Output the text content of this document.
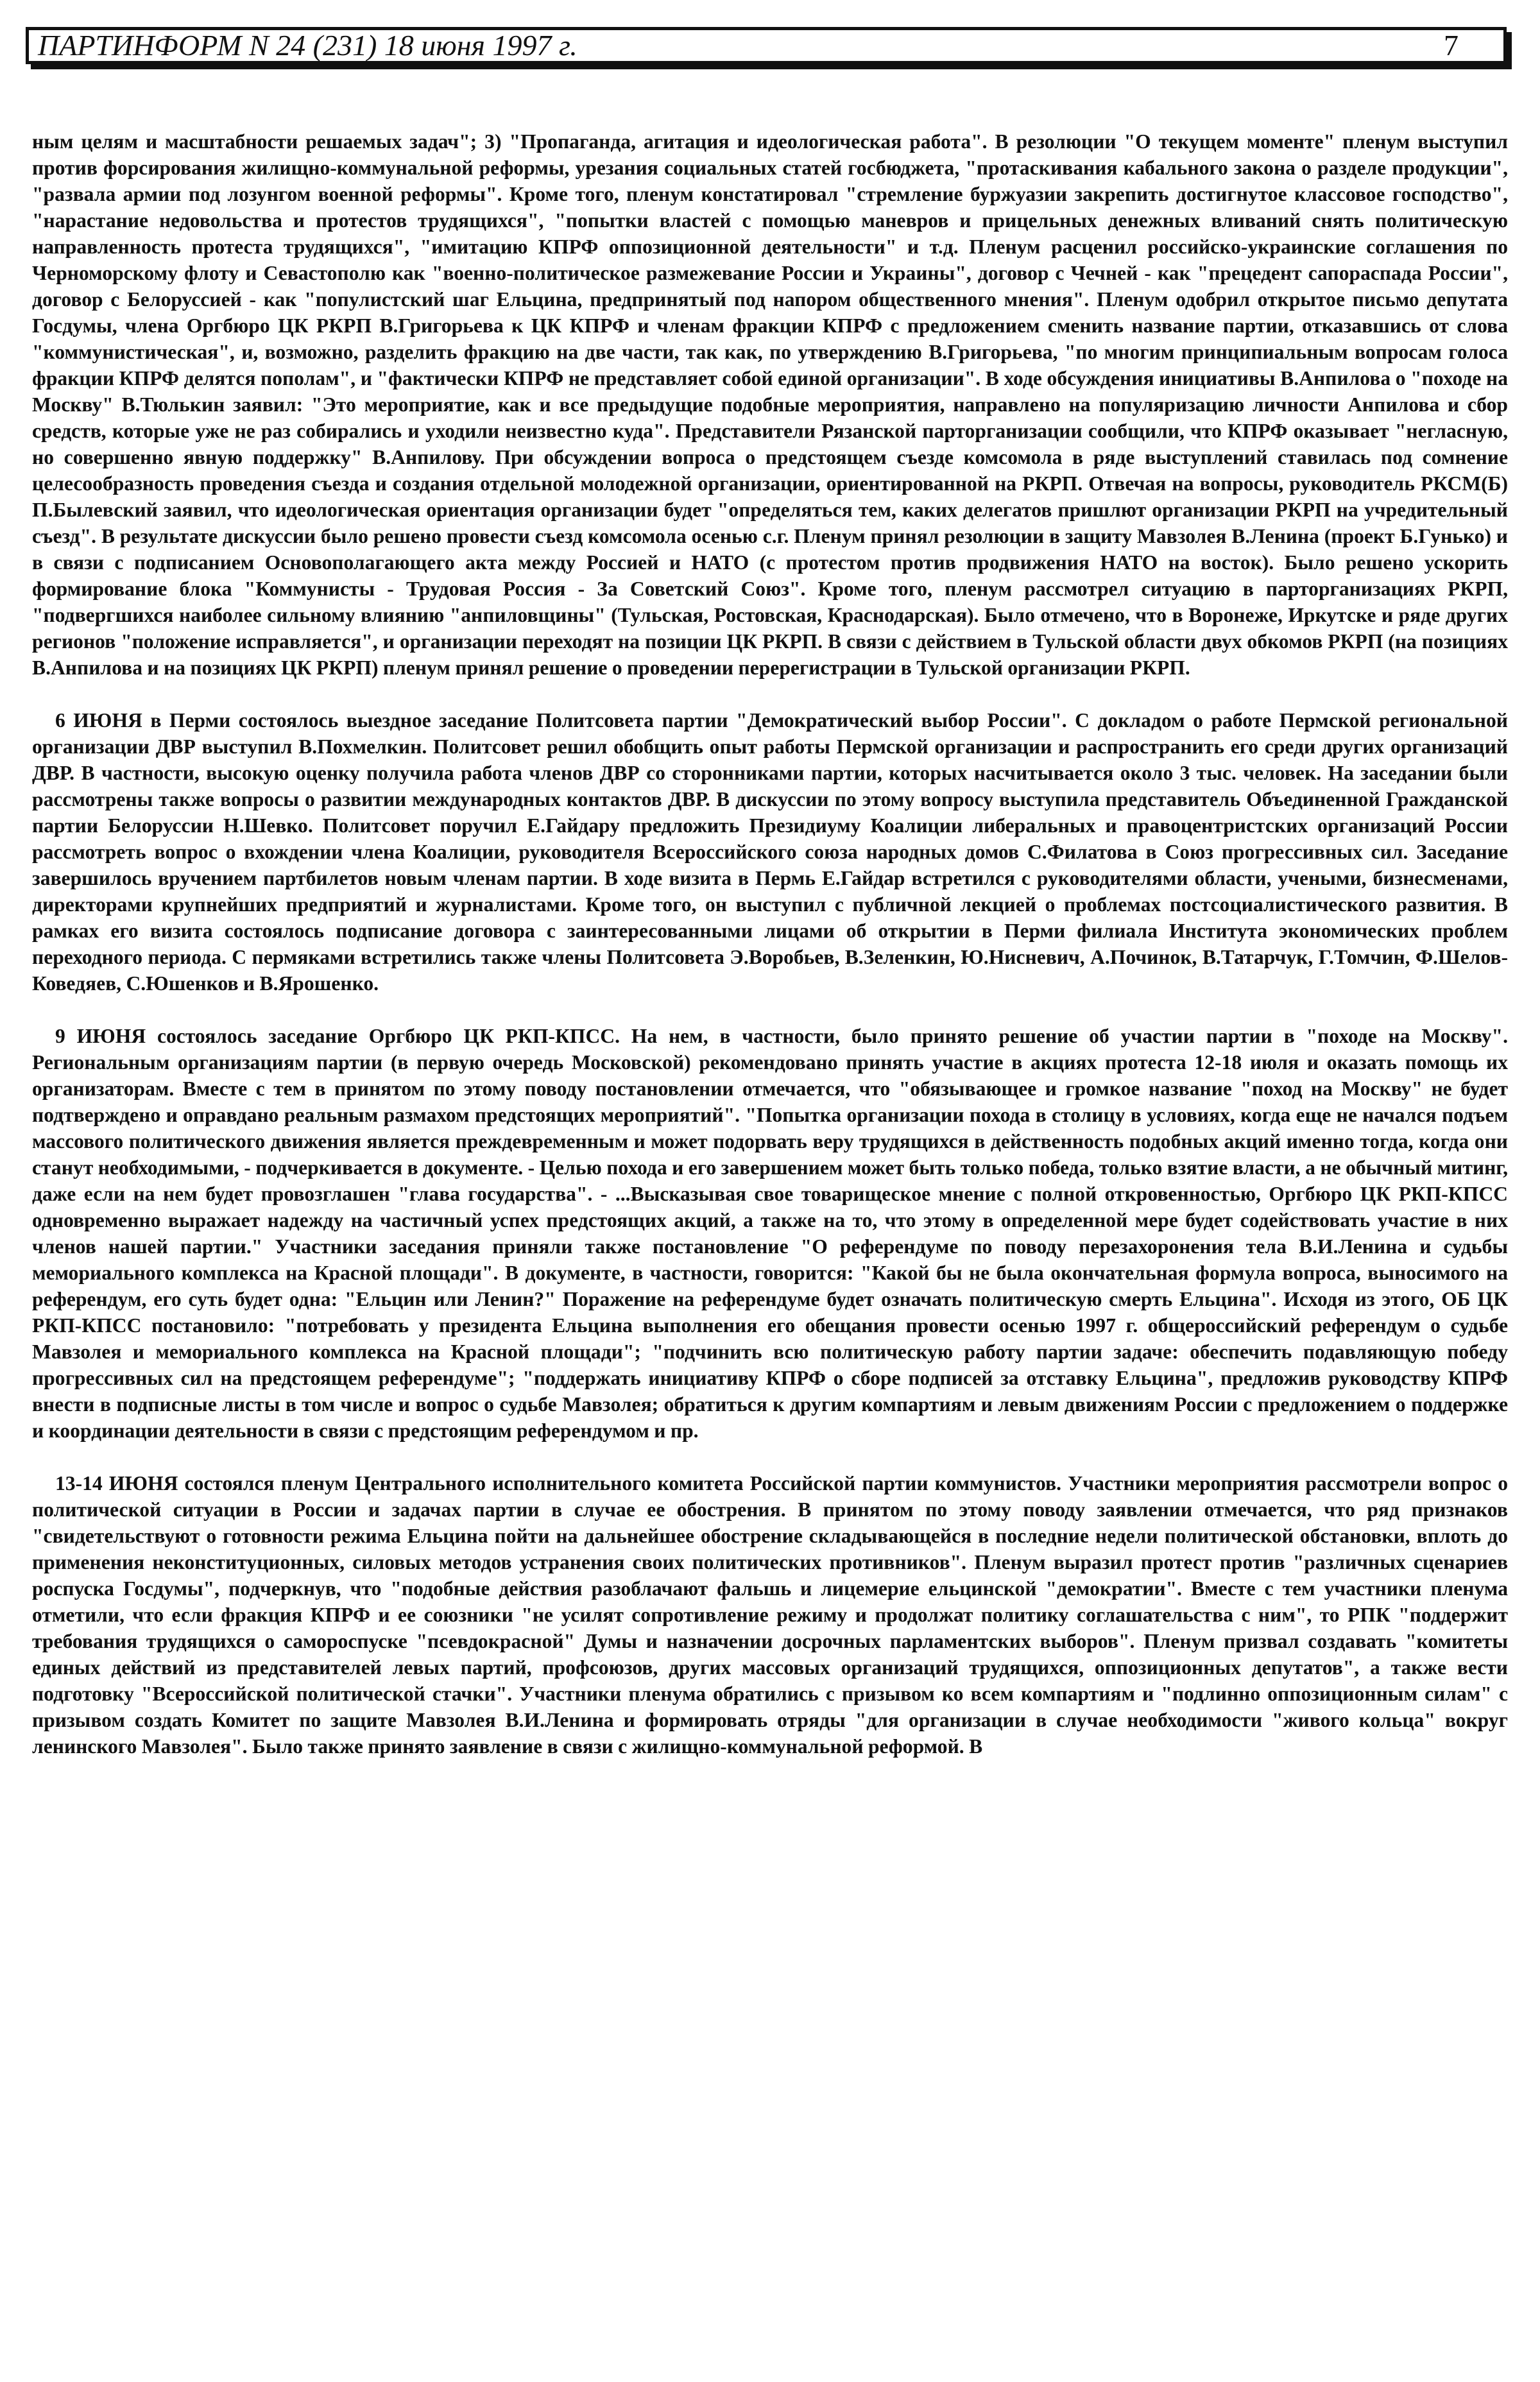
ПАРТИНФОРМ N 24 (231) 18 июня 1997 г.	7

ным целям и масштабности решаемых задач"; 3) "Пропаганда, агитация и идеологическая работа". В резолюции "О текущем моменте" пленум выступил против форсирования жилищно-коммунальной реформы, урезания социальных статей госбюджета, "протаскивания кабального закона о разделе продукции", "развала армии под лозунгом военной реформы". Кроме того, пленум констатировал "стремление буржуазии закрепить достигнутое классовое господство", "нарастание недовольства и протестов трудящихся", "попытки властей с помощью маневров и прицельных денежных вливаний снять политическую направленность протеста трудящихся", "имитацию КПРФ оппозиционной деятельности" и т.д. Пленум расценил российско-украинские соглашения по Черноморскому флоту и Севастополю как "военно-политическое размежевание России и Украины", договор с Чечней - как "прецедент сапораспада России", договор с Белоруссией - как "популистский шаг Ельцина, предпринятый под напором общественного мнения". Пленум одобрил открытое письмо депутата Госдумы, члена Оргбюро ЦК РКРП В.Григорьева к ЦК КПРФ и членам фракции КПРФ с предложением сменить название партии, отказавшись от слова "коммунистическая", и, возможно, разделить фракцию на две части, так как, по утверждению В.Григорьева, "по многим принципиальным вопросам голоса фракции КПРФ делятся пополам", и "фактически КПРФ не представляет собой единой организации". В ходе обсуждения инициативы В.Анпилова о "походе на Москву" В.Тюлькин заявил: "Это мероприятие, как и все предыдущие подобные мероприятия, направлено на популяризацию личности Анпилова и сбор средств, которые уже не раз собирались и уходили неизвестно куда". Представители Рязанской парторганизации сообщили, что КПРФ оказывает "негласную, но совершенно явную поддержку" В.Анпилову. При обсуждении вопроса о предстоящем съезде комсомола в ряде выступлений ставилась под сомнение целесообразность проведения съезда и создания отдельной молодежной организации, ориентированной на РКРП. Отвечая на вопросы, руководитель РКСМ(Б) П.Былевский заявил, что идеологическая ориентация организации будет "определяться тем, каких делегатов пришлют организации РКРП на учредительный съезд". В результате дискуссии было решено провести съезд комсомола осенью с.г. Пленум принял резолюции в защиту Мавзолея В.Ленина (проект Б.Гунько) и в связи с подписанием Основополагающего акта между Россией и НАТО (с протестом против продвижения НАТО на восток). Было решено ускорить формирование блока "Коммунисты - Трудовая Россия - За Советский Союз". Кроме того, пленум рассмотрел ситуацию в парторганизациях РКРП, "подвергшихся наиболее сильному влиянию "анпиловщины" (Тульская, Ростовская, Краснодарская). Было отмечено, что в Воронеже, Иркутске и ряде других регионов "положение исправляется", и организации переходят на позиции ЦК РКРП. В связи с действием в Тульской области двух обкомов РКРП (на позициях В.Анпилова и на позициях ЦК РКРП) пленум принял решение о проведении перерегистрации в Тульской организации РКРП.

6 ИЮНЯ в Перми состоялось выездное заседание Политсовета партии "Демократический выбор России". С докладом о работе Пермской региональной организации ДВР выступил В.Похмелкин. Политсовет решил обобщить опыт работы Пермской организации и распространить его среди других организаций ДВР. В частности, высокую оценку получила работа членов ДВР со сторонниками партии, которых насчитывается около 3 тыс. человек. На заседании были рассмотрены также вопросы о развитии международных контактов ДВР. В дискуссии по этому вопросу выступила представитель Объединенной Гражданской партии Белоруссии Н.Шевко. Политсовет поручил Е.Гайдару предложить Президиуму Коалиции либеральных и правоцентристских организаций России рассмотреть вопрос о вхождении члена Коалиции, руководителя Всероссийского союза народных домов С.Филатова в Союз прогрессивных сил. Заседание завершилось вручением партбилетов новым членам партии. В ходе визита в Пермь Е.Гайдар встретился с руководителями области, учеными, бизнесменами, директорами крупнейших предприятий и журналистами. Кроме того, он выступил с публичной лекцией о проблемах постсоциалистического развития. В рамках его визита состоялось подписание договора с заинтересованными лицами об открытии в Перми филиала Института экономических проблем переходного периода. С пермяками встретились также члены Политсовета Э.Воробьев, В.Зеленкин, Ю.Нисневич, А.Починок, В.Татарчук, Г.Томчин, Ф.Шелов-Коведяев, С.Юшенков и В.Ярошенко.

9 ИЮНЯ состоялось заседание Оргбюро ЦК РКП-КПСС. На нем, в частности, было принято решение об участии партии в "походе на Москву". Региональным организациям партии (в первую очередь Московской) рекомендовано принять участие в акциях протеста 12-18 июля и оказать помощь их организаторам. Вместе с тем в принятом по этому поводу постановлении отмечается, что "обязывающее и громкое название "поход на Москву" не будет подтверждено и оправдано реальным размахом предстоящих мероприятий". "Попытка организации похода в столицу в условиях, когда еще не начался подъем массового политического движения является преждевременным и может подорвать веру трудящихся в действенность подобных акций именно тогда, когда они станут необходимыми, - подчеркивается в документе. - Целью похода и его завершением может быть только победа, только взятие власти, а не обычный митинг, даже если на нем будет провозглашен "глава государства". - ...Высказывая свое товарищеское мнение с полной откровенностью, Оргбюро ЦК РКП-КПСС одновременно выражает надежду на частичный успех предстоящих акций, а также на то, что этому в определенной мере будет содействовать участие в них членов нашей партии." Участники заседания приняли также постановление "О референдуме по поводу перезахоронения тела В.И.Ленина и судьбы мемориального комплекса на Красной площади". В документе, в частности, говорится: "Какой бы не была окончательная формула вопроса, выносимого на референдум, его суть будет одна: "Ельцин или Ленин?" Поражение на референдуме будет означать политическую смерть Ельцина". Исходя из этого, ОБ ЦК РКП-КПСС постановило: "потребовать у президента Ельцина выполнения его обещания провести осенью 1997 г. общероссийский референдум о судьбе Мавзолея и мемориального комплекса на Красной площади"; "подчинить всю политическую работу партии задаче: обеспечить подавляющую победу прогрессивных сил на предстоящем референдуме"; "поддержать инициативу КПРФ о сборе подписей за отставку Ельцина", предложив руководству КПРФ внести в подписные листы в том числе и вопрос о судьбе Мавзолея; обратиться к другим компартиям и левым движениям России с предложением о поддержке и координации деятельности в связи с предстоящим референдумом и пр.

13-14 ИЮНЯ состоялся пленум Центрального исполнительного комитета Российской партии коммунистов. Участники мероприятия рассмотрели вопрос о политической ситуации в России и задачах партии в случае ее обострения. В принятом по этому поводу заявлении отмечается, что ряд признаков "свидетельствуют о готовности режима Ельцина пойти на дальнейшее обострение складывающейся в последние недели политической обстановки, вплоть до применения неконституционных, силовых методов устранения своих политических противников". Пленум выразил протест против "различных сценариев роспуска Госдумы", подчеркнув, что "подобные действия разоблачают фальшь и лицемерие ельцинской "демократии". Вместе с тем участники пленума отметили, что если фракция КПРФ и ее союзники "не усилят сопротивление режиму и продолжат политику соглашательства с ним", то РПК "поддержит требования трудящихся о самороспуске "псевдокрасной" Думы и назначении досрочных парламентских выборов". Пленум призвал создавать "комитеты единых действий из представителей левых партий, профсоюзов, других массовых организаций трудящихся, оппозиционных депутатов", а также вести подготовку "Всероссийской политической стачки". Участники пленума обратились с призывом ко всем компартиям и "подлинно оппозиционным силам" с призывом создать Комитет по защите Мавзолея В.И.Ленина и формировать отряды "для организации в случае необходимости "живого кольца" вокруг ленинского Мавзолея". Было также принято заявление в связи с жилищно-коммунальной реформой. В
